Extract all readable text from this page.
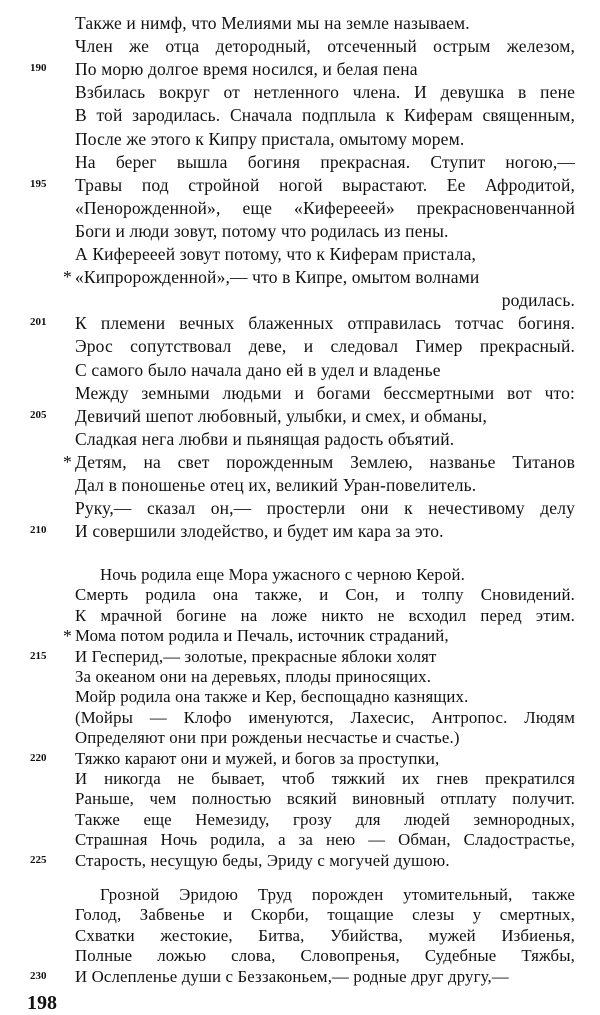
Также и нимф, что Мелиями мы на земле называем.
Член же отца детородный, отсеченный острым железом,
По морю долгое время носился, и белая пена
Взбилась вокруг от нетленного члена. И девушка в пене
В той зародилась. Сначала подплыла к Киферам священным,
После же этого к Кипру пристала, омытому морем.
На берег вышла богиня прекрасная. Ступит ногою,—
Травы под стройной ногой вырастают. Ее Афродитой,
«Пенорожденной», еще «Киферееей» прекрасновенчанной
Боги и люди зовут, потому что родилась из пены.
А Киферееей зовут потому, что к Киферам пристала,
«Кипророжденной»,— что в Кипре, омытом волнами
родилась.
К племени вечных блаженных отправилась тотчас богиня.
Эрос сопутствовал деве, и следовал Гимер прекрасный.
С самого было начала дано ей в удел и владенье
Между земными людьми и богами бессмертными вот что:
Девичий шепот любовный, улыбки, и смех, и обманы,
Сладкая нега любви и пьянящая радость объятий.
Детям, на свет порожденным Землею, названье Титанов
Дал в поношенье отец их, великий Уран-повелитель.
Руку,— сказал он,— простерли они к нечестивому делу
И совершили злодейство, и будет им кара за это.
Ночь родила еще Мора ужасного с черною Керой.
Смерть родила она также, и Сон, и толпу Сновидений.
К мрачной богине на ложе никто не всходил перед этим.
Мома потом родила и Печаль, источник страданий,
И Гесперид,— золотые, прекрасные яблоки холят
За океаном они на деревьях, плоды приносящих.
Мойр родила она также и Кер, беспощадно казнящих.
(Мойры — Клофо именуются, Лахесис, Антропос. Людям
Определяют они при рожденьи несчастье и счастье.)
Тяжко карают они и мужей, и богов за проступки,
И никогда не бывает, чтоб тяжкий их гнев прекратился
Раньше, чем полностью всякий виновный отплату получит.
Также еще Немезиду, грозу для людей земнородных,
Страшная Ночь родила, а за нею — Обман, Сладострастье,
Старость, несущую беды, Эриду с могучей душою.
*
*
*
190
195
201
205
210
215
220
225
230
198
Грозной Эридою Труд порожден утомительный, также
Голод, Забвенье и Скорби, тощащие слезы у смертных,
Схватки жестокие, Битва, Убийства, мужей Избиенья,
Полные ложью слова, Словопренья, Судебные Тяжбы,
И Ослепленье души с Беззаконьем,— родные друг другу,—
